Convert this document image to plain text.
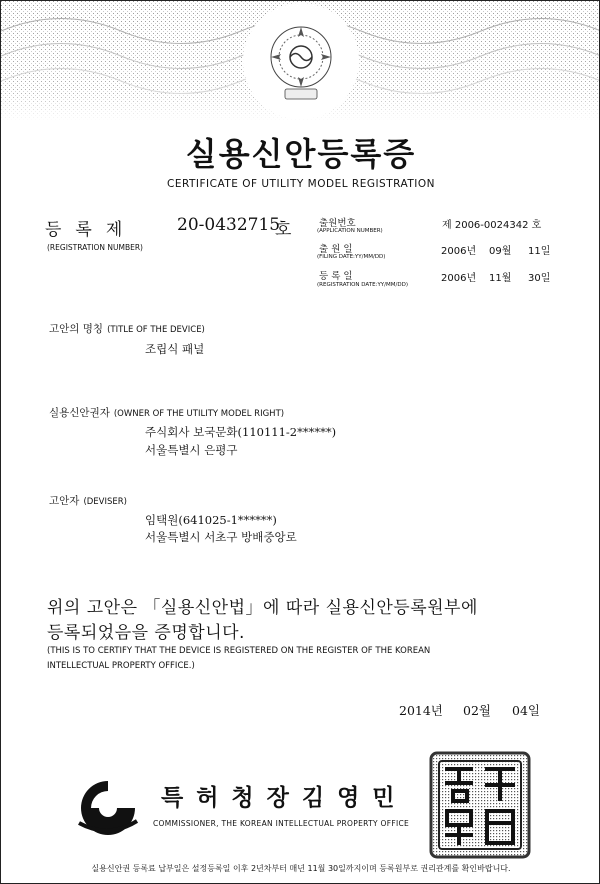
실용신안등록증
CERTIFICATE OF UTILITY MODEL REGISTRATION
등록제 20-0432715
호
(REGISTRATION NUMBER)
출원번호
(APPLICATION NUMBER)	제 2006-0024342 호
출 원 일
(FILING DATE:YY/MM/DD)	2006년 09월 11일
등 록 일
(REGISTRATION DATE:YY/MM/DD)
2006년 11월 30일
고안의 명칭 (TITLE OF THE DEVICE)
조립식 패널
실용신안권자 (OWNER OF THE UTILITY MODEL RIGHT)
주식회사 보국문화(110111-2******)
서울특별시 은평구
고안자 (DEVISER)
임택원(641025-1******)
서울특별시 서초구 방배중앙로
위의 고안은 「실용신안법」에 따라 실용신안등록원부에
등록되었음을 증명합니다.
(THIS IS TO CERTIFY THAT THE DEVICE IS REGISTERED ON THE REGISTER OF THE KOREAN
INTELLECTUAL PROPERTY OFFICE.)
2014년 02월 04일
특허청장김영민
COMMISSIONER, THE KOREAN INTELLECTUAL PROPERTY OFFICE
실용신안권 등록료 납부일은 설정등록일 이후 2년차부터 매년 11월 30일까지이며 등록원부로 권리관계를 확인바랍니다.
